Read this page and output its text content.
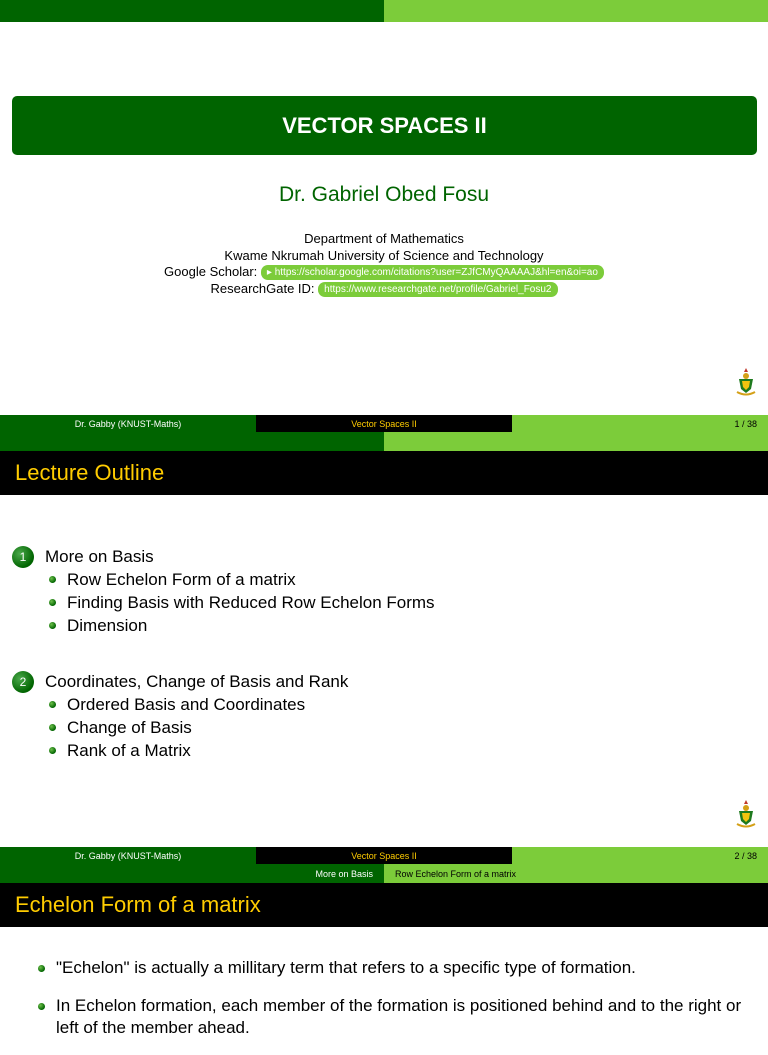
VECTOR SPACES II
Dr. Gabriel Obed Fosu
Department of Mathematics
Kwame Nkrumah University of Science and Technology
Google Scholar: ▸ https://scholar.google.com/citations?user=ZJfCMyQAAAAJ&hl=en&oi=ao
ResearchGate ID: https://www.researchgate.net/profile/Gabriel_Fosu2
Dr. Gabby (KNUST-Maths)	Vector Spaces II	1 / 38
Lecture Outline
1	More on Basis
Row Echelon Form of a matrix
Finding Basis with Reduced Row Echelon Forms
Dimension
2	Coordinates, Change of Basis and Rank
Ordered Basis and Coordinates
Change of Basis
Rank of a Matrix
Dr. Gabby (KNUST-Maths)	Vector Spaces II	2 / 38
More on Basis	Row Echelon Form of a matrix
Echelon Form of a matrix
"Echelon" is actually a millitary term that refers to a specific type of formation.
In Echelon formation, each member of the formation is positioned behind and to the right or left of the member ahead.
